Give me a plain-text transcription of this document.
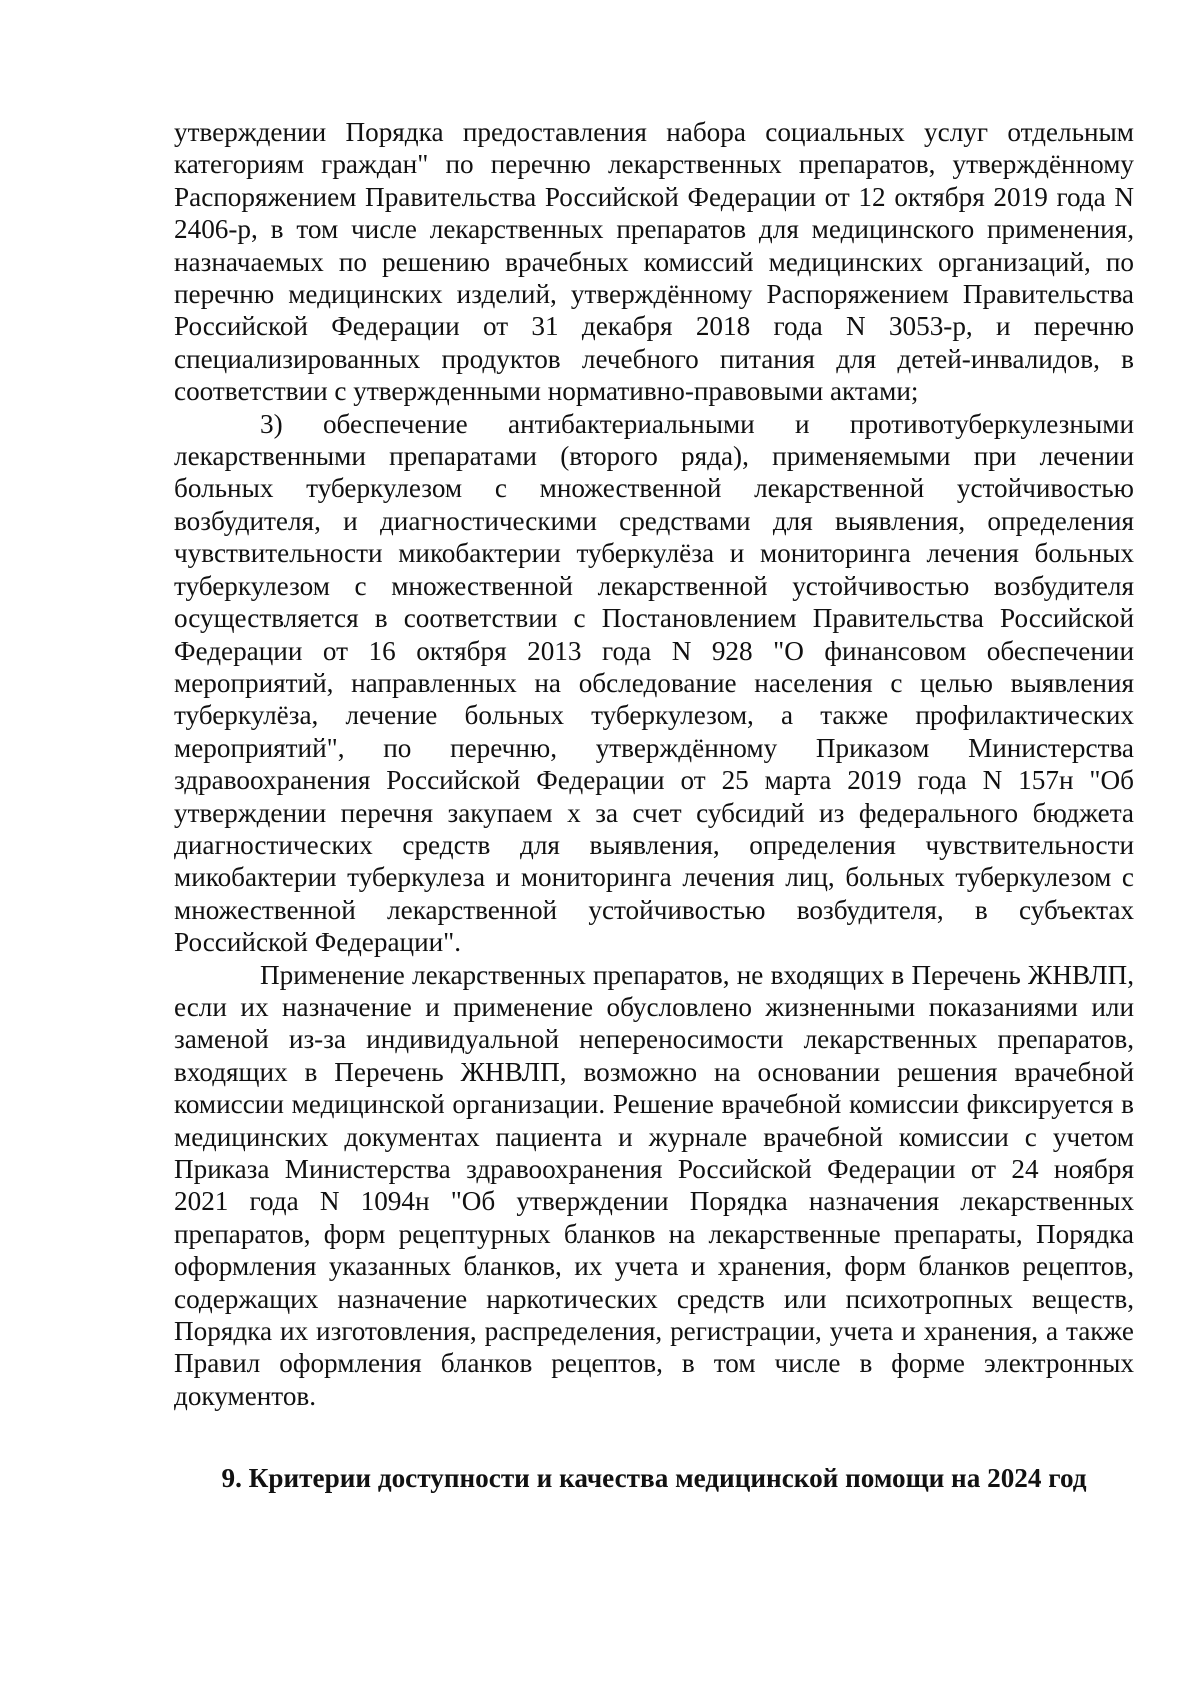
утверждении Порядка предоставления набора социальных услуг отдельным категориям граждан" по перечню лекарственных препаратов, утверждённому Распоряжением Правительства Российской Федерации от 12 октября 2019 года N 2406-р, в том числе лекарственных препаратов для медицинского применения, назначаемых по решению врачебных комиссий медицинских организаций, по перечню медицинских изделий, утверждённому Распоряжением Правительства Российской Федерации от 31 декабря 2018 года N 3053-р, и перечню специализированных продуктов лечебного питания для детей-инвалидов, в соответствии с утвержденными нормативно-правовыми актами;

3) обеспечение антибактериальными и противотуберкулезными лекарственными препаратами (второго ряда), применяемыми при лечении больных туберкулезом с множественной лекарственной устойчивостью возбудителя, и диагностическими средствами для выявления, определения чувствительности микобактерии туберкулёза и мониторинга лечения больных туберкулезом с множественной лекарственной устойчивостью возбудителя осуществляется в соответствии с Постановлением Правительства Российской Федерации от 16 октября 2013 года N 928 "О финансовом обеспечении мероприятий, направленных на обследование населения с целью выявления туберкулёза, лечение больных туберкулезом, а также профилактических мероприятий", по перечню, утверждённому Приказом Министерства здравоохранения Российской Федерации от 25 марта 2019 года N 157н "Об утверждении перечня закупаем х за счет субсидий из федерального бюджета диагностических средств для выявления, определения чувствительности микобактерии туберкулеза и мониторинга лечения лиц, больных туберкулезом с множественной лекарственной устойчивостью возбудителя, в субъектах Российской Федерации".

Применение лекарственных препаратов, не входящих в Перечень ЖНВЛП, если их назначение и применение обусловлено жизненными показаниями или заменой из-за индивидуальной непереносимости лекарственных препаратов, входящих в Перечень ЖНВЛП, возможно на основании решения врачебной комиссии медицинской организации. Решение врачебной комиссии фиксируется в медицинских документах пациента и журнале врачебной комиссии с учетом Приказа Министерства здравоохранения Российской Федерации от 24 ноября 2021 года N 1094н "Об утверждении Порядка назначения лекарственных препаратов, форм рецептурных бланков на лекарственные препараты, Порядка оформления указанных бланков, их учета и хранения, форм бланков рецептов, содержащих назначение наркотических средств или психотропных веществ, Порядка их изготовления, распределения, регистрации, учета и хранения, а также Правил оформления бланков рецептов, в том числе в форме электронных документов.

9. Критерии доступности и качества медицинской помощи на 2024 год
